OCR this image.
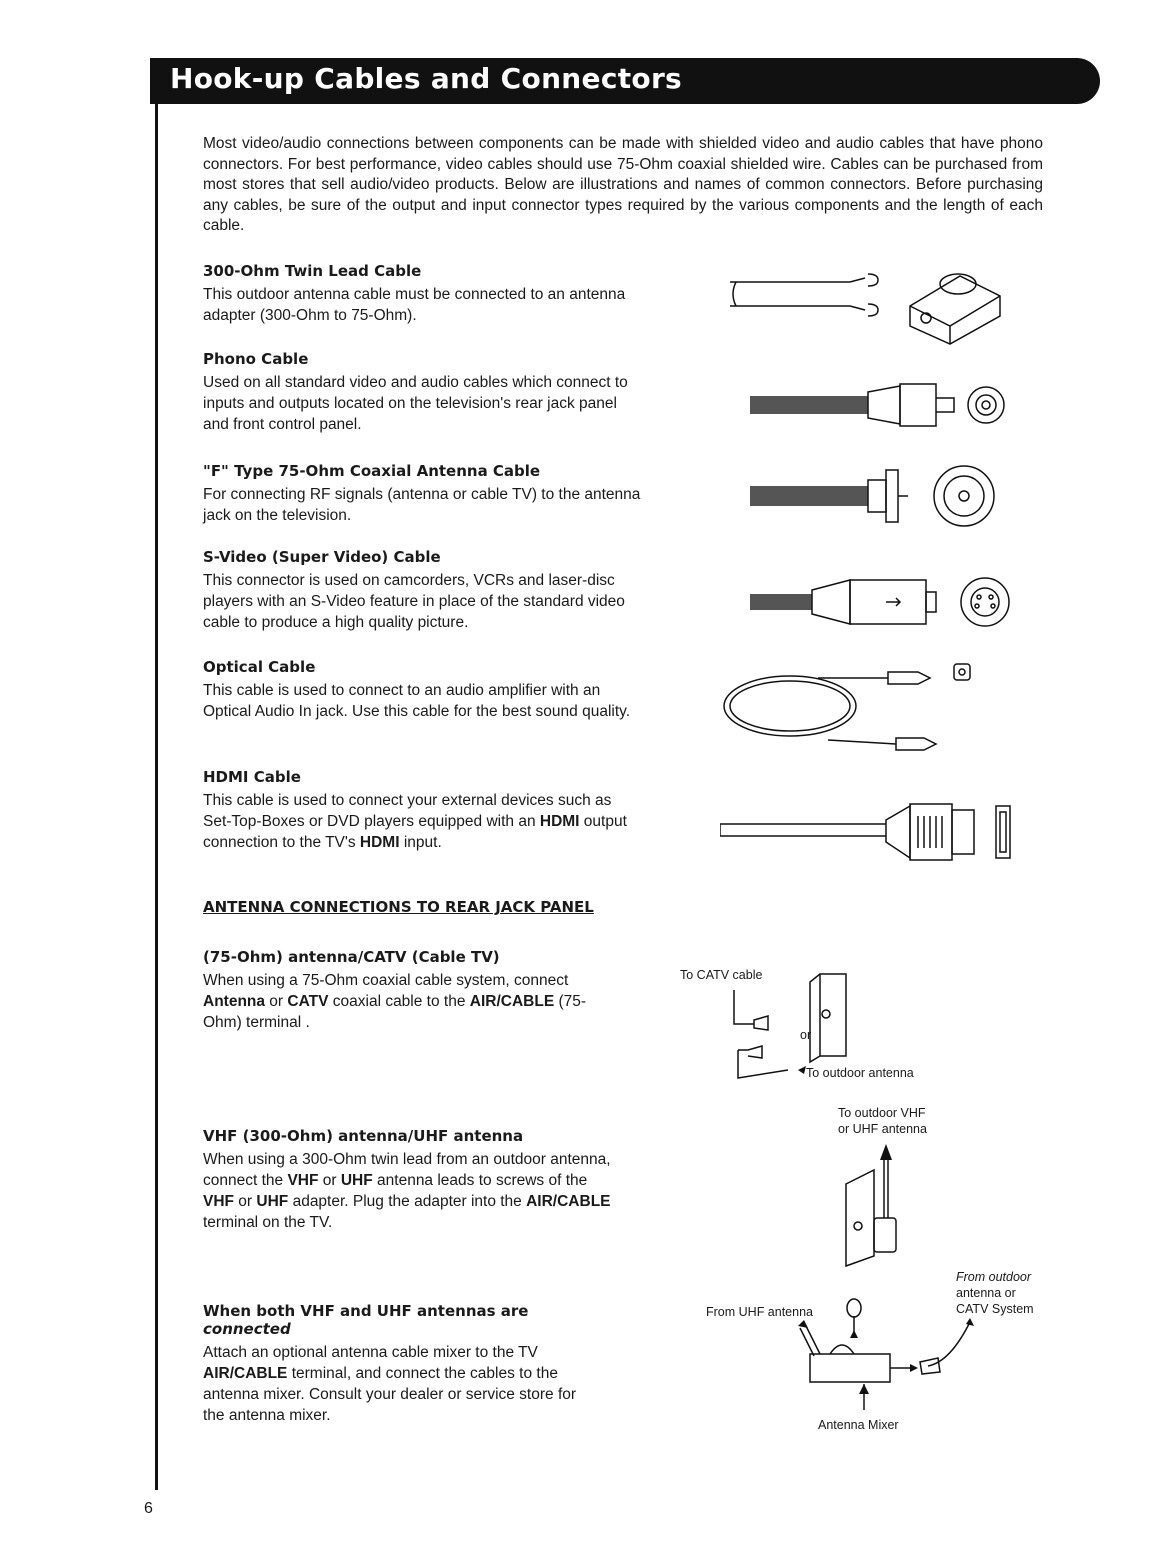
Hook-up Cables and Connectors

Most video/audio connections between components can be made with shielded video and audio cables that have phono connectors. For best performance, video cables should use 75-Ohm coaxial shielded wire. Cables can be purchased from most stores that sell audio/video products. Below are illustrations and names of common connectors. Before purchasing any cables, be sure of the output and input connector types required by the various components and the length of each cable.

300-Ohm Twin Lead Cable

This outdoor antenna cable must be connected to an antenna adapter (300-Ohm to 75-Ohm).

Phono Cable

Used on all standard video and audio cables which connect to inputs and outputs located on the television's rear jack panel and front control panel.

"F" Type 75-Ohm Coaxial Antenna Cable

For connecting RF signals (antenna or cable TV) to the antenna jack on the television.

S-Video (Super Video) Cable

This connector is used on camcorders, VCRs and laser-disc players with an S-Video feature in place of the standard video cable to produce a high quality picture.

Optical Cable

This cable is used to connect to an audio amplifier with an Optical Audio In jack. Use this cable for the best sound quality.

HDMI Cable

This cable is used to connect your external devices such as Set-Top-Boxes or DVD players equipped with an HDMI output connection to the TV's HDMI input.

ANTENNA CONNECTIONS TO REAR JACK PANEL
(75-Ohm) antenna/CATV (Cable TV)

When using a 75-Ohm coaxial cable system, connect Antenna or CATV coaxial cable to the AIR/CABLE (75-Ohm) terminal .

VHF (300-Ohm) antenna/UHF antenna

When using a 300-Ohm twin lead from an outdoor antenna, connect the VHF or UHF antenna leads to screws of the VHF or UHF adapter. Plug the adapter into the AIR/CABLE terminal on the TV.

When both VHF and UHF antennas are
connected

Attach an optional antenna cable mixer to the TV AIR/CABLE terminal, and connect the cables to the antenna mixer. Consult your dealer or service store for the antenna mixer.

To CATV cable
or
To outdoor antenna
To outdoor VHF
or UHF antenna
From UHF antenna
From outdoor
antenna or
CATV System
Antenna Mixer
6
